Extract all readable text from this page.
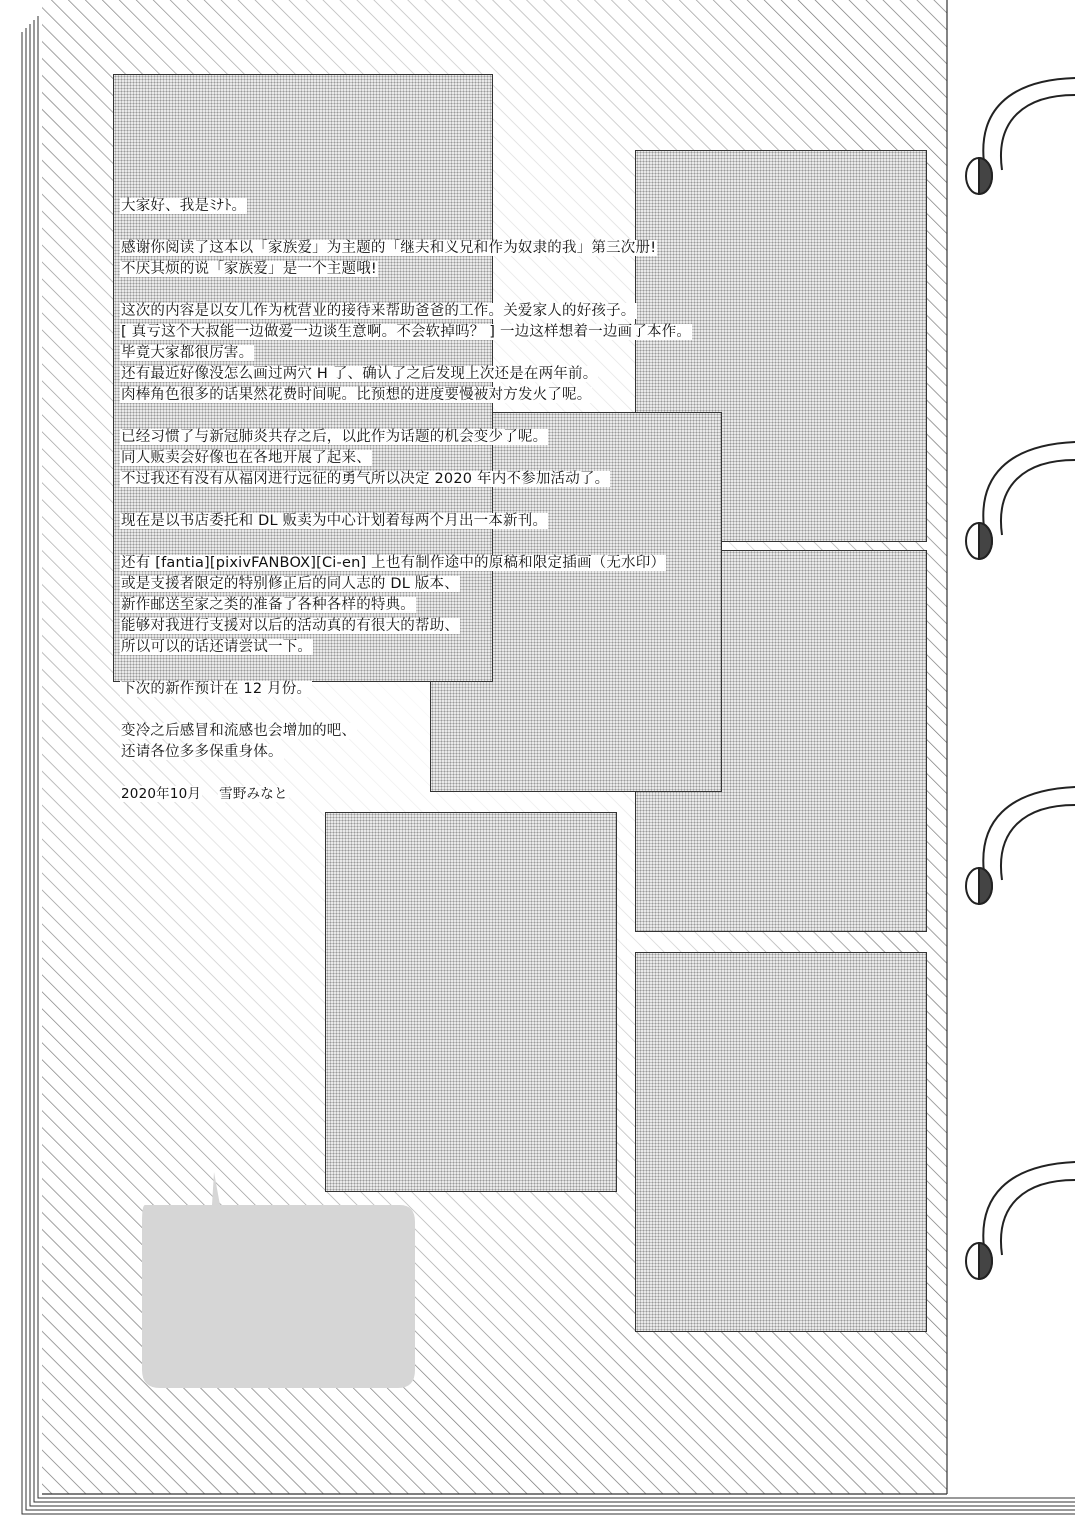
大家好、我是ﾐﾅﾄ。
感谢你阅读了这本以「家族爱」为主题的「继夫和义兄和作为奴隶的我」第三次册!
不厌其烦的说「家族爱」是一个主题哦!
这次的内容是以女儿作为枕营业的接待来帮助爸爸的工作。关爱家人的好孩子。
[ 真亏这个大叔能一边做爱一边谈生意啊。不会软掉吗？ ] 一边这样想着一边画了本作。
毕竟大家都很厉害。
还有最近好像没怎么画过两穴 H 了、确认了之后发现上次还是在两年前。
肉棒角色很多的话果然花费时间呢。比预想的进度要慢被对方发火了呢。
已经习惯了与新冠肺炎共存之后，以此作为话题的机会变少了呢。
同人贩卖会好像也在各地开展了起来、
不过我还有没有从福冈进行远征的勇气所以决定 2020 年内不参加活动了。
现在是以书店委托和 DL 贩卖为中心计划着每两个月出一本新刊。
还有 [fantia][pixivFANBOX][Ci-en] 上也有制作途中的原稿和限定插画（无水印）
或是支援者限定的特别修正后的同人志的 DL 版本、
新作邮送至家之类的准备了各种各样的特典。
能够对我进行支援对以后的活动真的有很大的帮助、
所以可以的话还请尝试一下。
下次的新作预计在 12 月份。
变冷之后感冒和流感也会增加的吧、
还请各位多多保重身体。
2020年10月 雪野みなと
